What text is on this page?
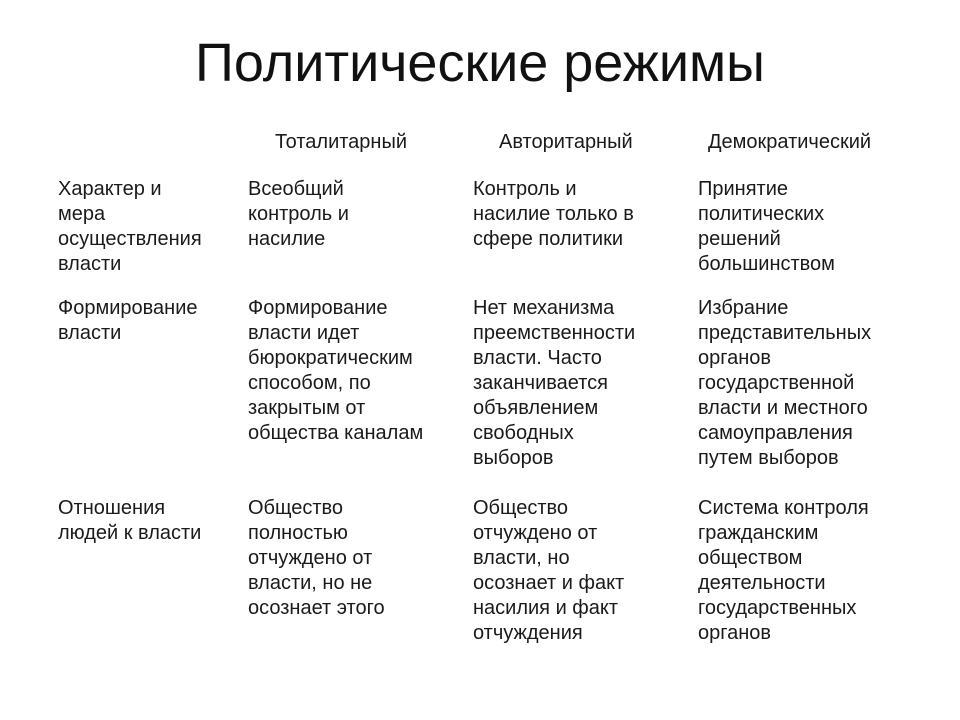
Политические режимы
Тоталитарный	Авторитарный	Демократический
Характер и
мера
осуществления
власти
Всеобщий
контроль и
насилие
Контроль и
насилие только в
сфере политики
Принятие
политических
решений
большинством
Формирование
власти
Формирование
власти идет
бюрократическим
способом, по
закрытым от
общества каналам
Нет механизма
преемственности
власти. Часто
заканчивается
объявлением
свободных
выборов
Избрание
представительных
органов
государственной
власти и местного
самоуправления
путем выборов
Отношения
людей к власти
Общество
полностью
отчуждено от
власти, но не
осознает этого
Общество
отчуждено от
власти, но
осознает и факт
насилия и факт
отчуждения
Система контроля
гражданским
обществом
деятельности
государственных
органов
